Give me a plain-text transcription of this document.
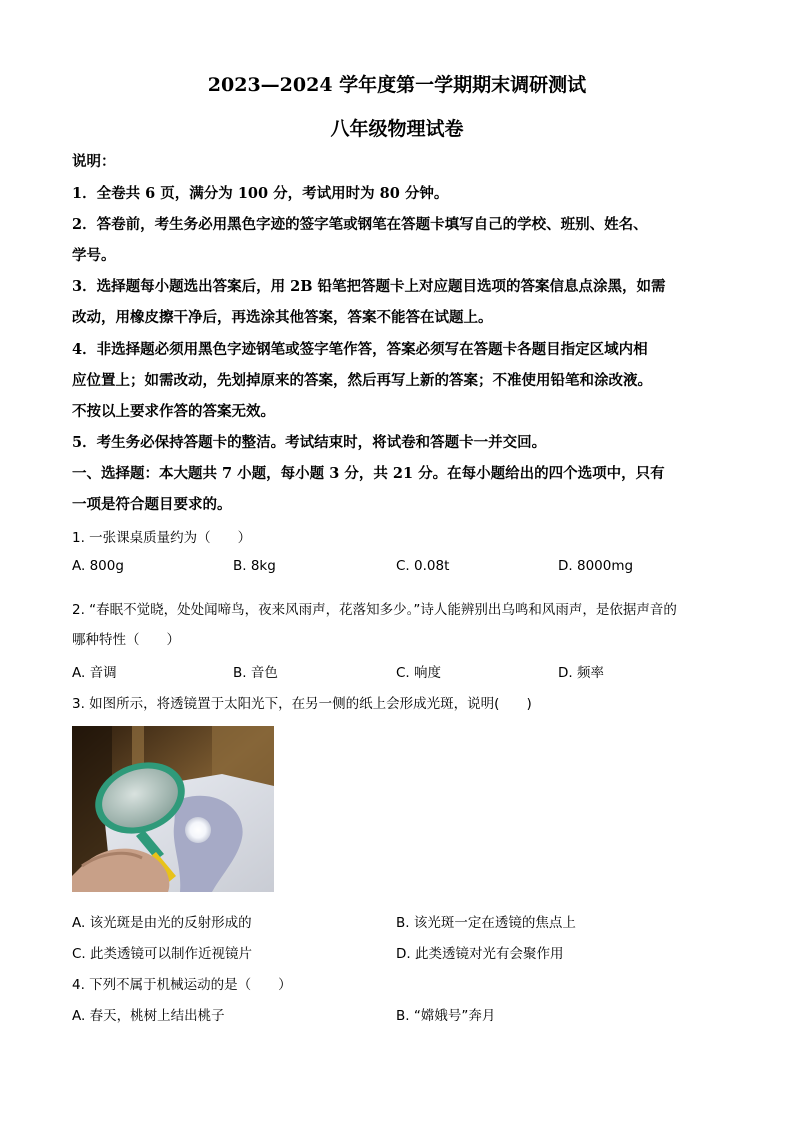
2023—2024 学年度第一学期期末调研测试
八年级物理试卷
说明：
1．全卷共 6 页，满分为 100 分，考试用时为 80 分钟。
2．答卷前，考生务必用黑色字迹的签字笔或钢笔在答题卡填写自己的学校、班别、姓名、
学号。
3．选择题每小题选出答案后，用 2B 铅笔把答题卡上对应题目选项的答案信息点涂黑，如需
改动，用橡皮擦干净后，再选涂其他答案，答案不能答在试题上。
4．非选择题必须用黑色字迹钢笔或签字笔作答，答案必须写在答题卡各题目指定区域内相
应位置上；如需改动，先划掉原来的答案，然后再写上新的答案；不准使用铅笔和涂改液。
不按以上要求作答的答案无效。
5．考生务必保持答题卡的整洁。考试结束时，将试卷和答题卡一并交回。
一、选择题：本大题共 7 小题，每小题 3 分，共 21 分。在每小题给出的四个选项中，只有
一项是符合题目要求的。
1. 一张课桌质量约为（　　）
A. 800g	B. 8kg	C. 0.08t	D. 8000mg
2. “春眠不觉晓，处处闻啼鸟，夜来风雨声，花落知多少。”诗人能辨别出乌鸣和风雨声，是依据声音的
哪种特性（　　）
A. 音调	B. 音色	C. 响度	D. 频率
3. 如图所示，将透镜置于太阳光下，在另一侧的纸上会形成光斑，说明(　　)
A. 该光斑是由光的反射形成的	B. 该光斑一定在透镜的焦点上
C. 此类透镜可以制作近视镜片	D. 此类透镜对光有会聚作用
4. 下列不属于机械运动的是（　　）
A. 春天，桃树上结出桃子	B. “嫦娥号”奔月
